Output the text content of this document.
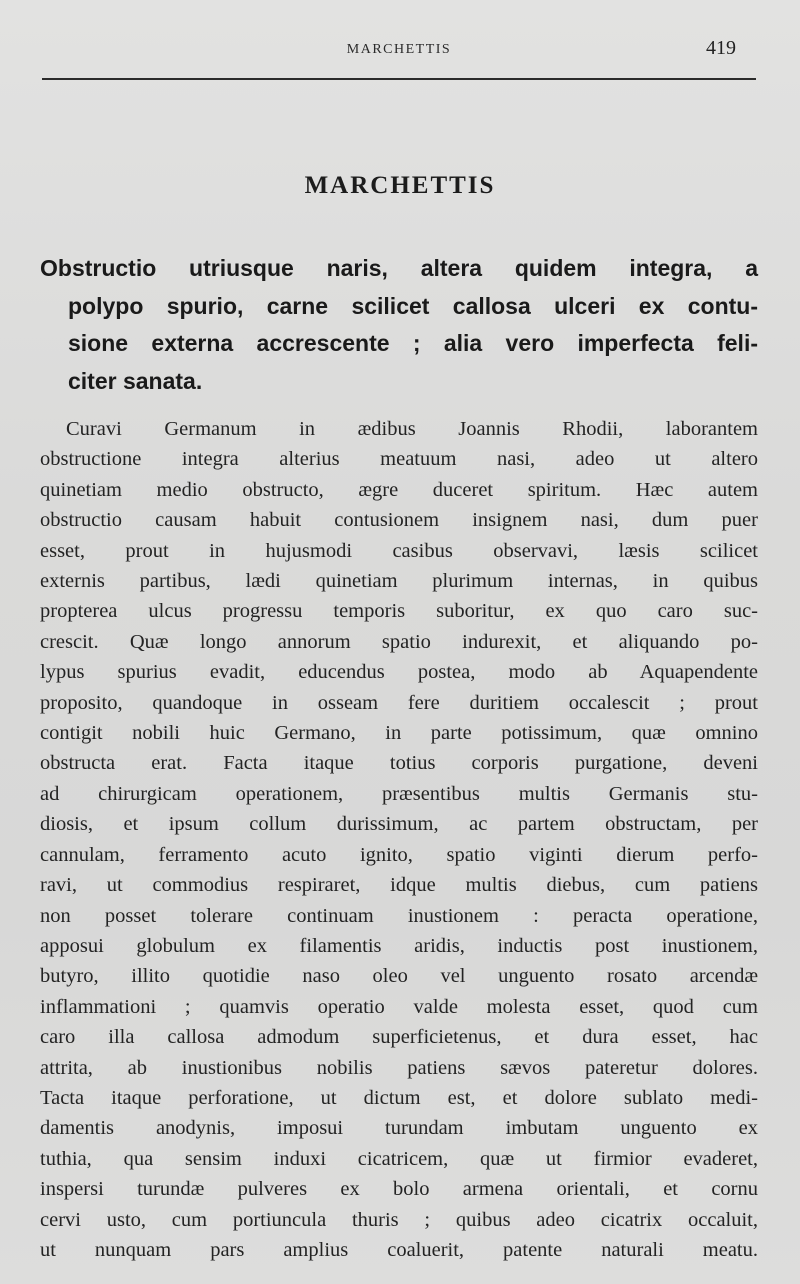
MARCHETTIS	419
MARCHETTIS

Obstructio utriusque naris, altera quidem integra, a
polypo spurio, carne scilicet callosa ulceri ex contu-
sione externa accrescente ; alia vero imperfecta feli-
citer sanata.

Curavi Germanum in ædibus Joannis Rhodii, laborantem
obstructione integra alterius meatuum nasi, adeo ut altero
quinetiam medio obstructo, ægre duceret spiritum. Hæc autem
obstructio causam habuit contusionem insignem nasi, dum puer
esset, prout in hujusmodi casibus observavi, læsis scilicet
externis partibus, lædi quinetiam plurimum internas, in quibus
propterea ulcus progressu temporis suboritur, ex quo caro suc-
crescit. Quæ longo annorum spatio indurexit, et aliquando po-
lypus spurius evadit, educendus postea, modo ab Aquapendente
proposito, quandoque in osseam fere duritiem occalescit ; prout
contigit nobili huic Germano, in parte potissimum, quæ omnino
obstructa erat. Facta itaque totius corporis purgatione, deveni
ad chirurgicam operationem, præsentibus multis Germanis stu-
diosis, et ipsum collum durissimum, ac partem obstructam, per
cannulam, ferramento acuto ignito, spatio viginti dierum perfo-
ravi, ut commodius respiraret, idque multis diebus, cum patiens
non posset tolerare continuam inustionem : peracta operatione,
apposui globulum ex filamentis aridis, inductis post inustionem,
butyro, illito quotidie naso oleo vel unguento rosato arcendæ
inflammationi ; quamvis operatio valde molesta esset, quod cum
caro illa callosa admodum superficietenus, et dura esset, hac
attrita, ab inustionibus nobilis patiens sævos pateretur dolores.
Tacta itaque perforatione, ut dictum est, et dolore sublato medi-
damentis anodynis, imposui turundam imbutam unguento ex
tuthia, qua sensim induxi cicatricem, quæ ut firmior evaderet,
inspersi turundæ pulveres ex bolo armena orientali, et cornu
cervi usto, cum portiuncula thuris ; quibus adeo cicatrix occaluit,
ut nunquam pars amplius coaluerit, patente naturali meatu.
